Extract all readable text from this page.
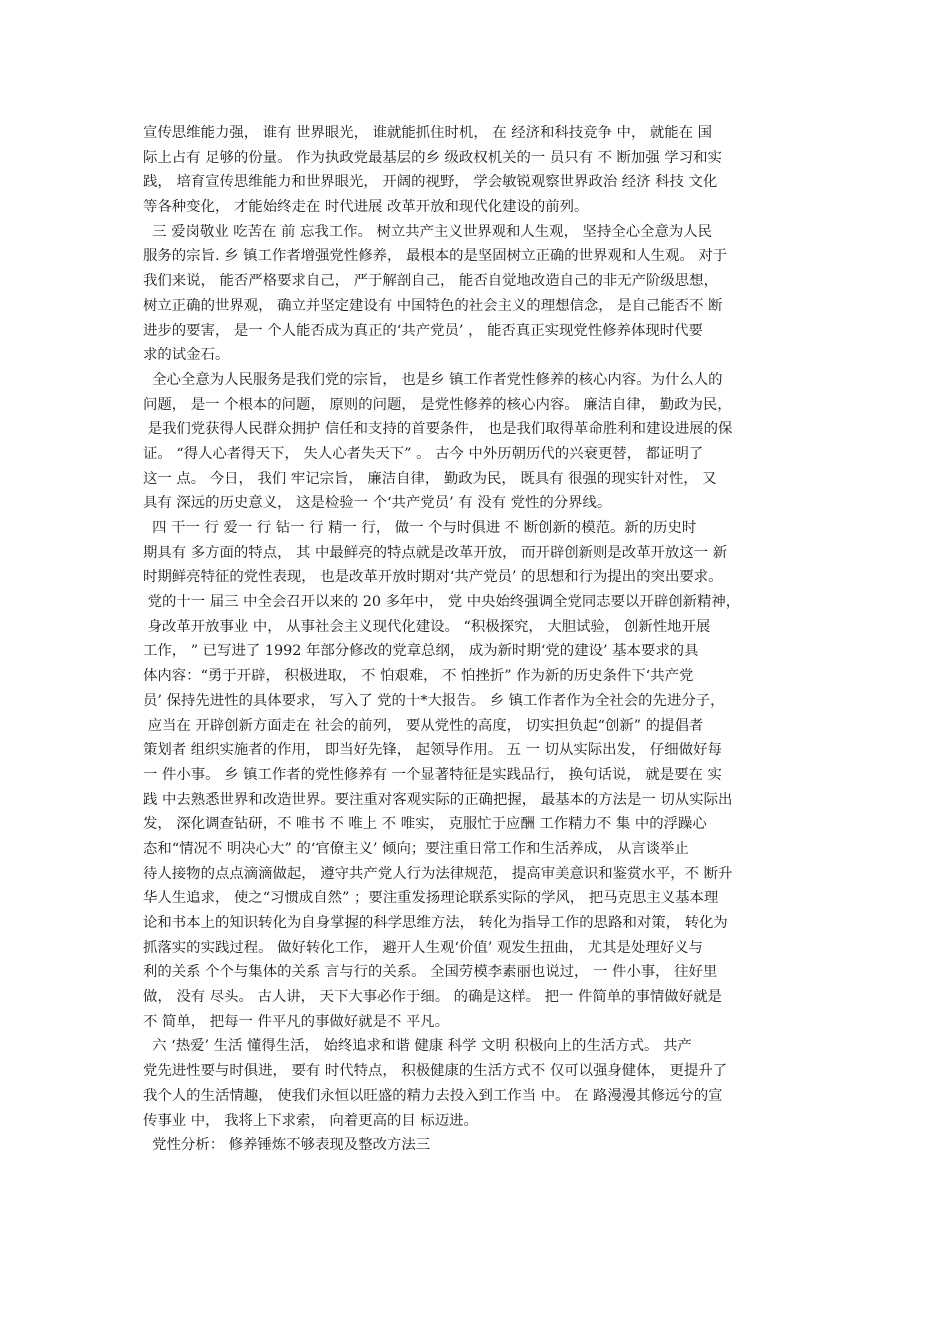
宣传思维能力强， 谁有 世界眼光， 谁就能抓住时机， 在 经济和科技竞争 中， 就能在 国
际上占有 足够的份量。 作为执政党最基层的乡 级政权机关的一 员只有 不 断加强 学习和实
践， 培育宣传思维能力和世界眼光， 开阔的视野， 学会敏锐观察世界政治 经济 科技 文化
等各种变化， 才能始终走在 时代进展 改革开放和现代化建设的前列。
三 爱岗敬业 吃苦在 前 忘我工作。 树立共产主义世界观和人生观， 坚持全心全意为人民
服务的宗旨. 乡 镇工作者增强党性修养， 最根本的是坚固树立正确的世界观和人生观。 对于
我们来说， 能否严格要求自己， 严于解剖自己， 能否自觉地改造自己的非无产阶级思想，
树立正确的世界观， 确立并坚定建设有 中国特色的社会主义的理想信念， 是自己能否不 断
进步的要害， 是一 个人能否成为真正的‘共产党员’ ， 能否真正实现党性修养体现时代要
求的试金石。
全心全意为人民服务是我们党的宗旨， 也是乡 镇工作者党性修养的核心内容。为什么人的
问题， 是一 个根本的问题， 原则的问题， 是党性修养的核心内容。 廉洁自律， 勤政为民，
是我们党获得人民群众拥护 信任和支持的首要条件， 也是我们取得革命胜利和建设进展的保
证。 “得人心者得天下， 失人心者失天下” 。 古今 中外历朝历代的兴衰更替， 都证明了
这一 点。 今日， 我们 牢记宗旨， 廉洁自律， 勤政为民， 既具有 很强的现实针对性， 又
具有 深远的历史意义， 这是检验一 个‘共产党员’ 有 没有 党性的分界线。
四 干一 行 爱一 行 钻一 行 精一 行， 做一 个与时俱进 不 断创新的模范。新的历史时
期具有 多方面的特点， 其 中最鲜亮的特点就是改革开放， 而开辟创新则是改革开放这一 新
时期鲜亮特征的党性表现， 也是改革开放时期对‘共产党员’ 的思想和行为提出的突出要求。
党的十一 届三 中全会召开以来的 20 多年中， 党 中央始终强调全党同志要以开辟创新精神，
身改革开放事业 中， 从事社会主义现代化建设。 “积极探究， 大胆试验， 创新性地开展
工作， ” 已写进了 1992 年部分修改的党章总纲， 成为新时期‘党的建设’ 基本要求的具
体内容：“勇于开辟， 积极进取， 不 怕艰难， 不 怕挫折” 作为新的历史条件下‘共产党
员’ 保持先进性的具体要求， 写入了 党的十*大报告。 乡 镇工作者作为全社会的先进分子，
应当在 开辟创新方面走在 社会的前列， 要从党性的高度， 切实担负起“创新” 的提倡者
策划者 组织实施者的作用， 即当好先锋， 起领导作用。 五 一 切从实际出发， 仔细做好每
一 件小事。 乡 镇工作者的党性修养有 一个显著特征是实践品行， 换句话说， 就是要在 实
践 中去熟悉世界和改造世界。要注重对客观实际的正确把握， 最基本的方法是一 切从实际出
发， 深化调查钻研，不 唯书 不 唯上 不 唯实， 克服忙于应酬 工作精力不 集 中的浮躁心
态和“情况不 明决心大” 的‘官僚主义’ 倾向；要注重日常工作和生活养成， 从言谈举止
待人接物的点点滴滴做起， 遵守共产党人行为法律规范， 提高审美意识和鉴赏水平，不 断升
华人生追求， 使之“习惯成自然” ；要注重发扬理论联系实际的学风， 把马克思主义基本理
论和书本上的知识转化为自身掌握的科学思维方法， 转化为指导工作的思路和对策， 转化为
抓落实的实践过程。 做好转化工作， 避开人生观‘价值’ 观发生扭曲， 尤其是处理好义与
利的关系 个个与集体的关系 言与行的关系。 全国劳模李素丽也说过， 一 件小事， 往好里
做， 没有 尽头。 古人讲， 天下大事必作于细。 的确是这样。 把一 件简单的事情做好就是
不 简单， 把每一 件平凡的事做好就是不 平凡。
六 ‘热爱’ 生活 懂得生活， 始终追求和谐 健康 科学 文明 积极向上的生活方式。 共产
党先进性要与时俱进， 要有 时代特点， 积极健康的生活方式不 仅可以强身健体， 更提升了
我个人的生活情趣， 使我们永恒以旺盛的精力去投入到工作当 中。 在 路漫漫其修远兮的宣
传事业 中， 我将上下求索， 向着更高的目 标迈进。
党性分析： 修养锤炼不够表现及整改方法三
